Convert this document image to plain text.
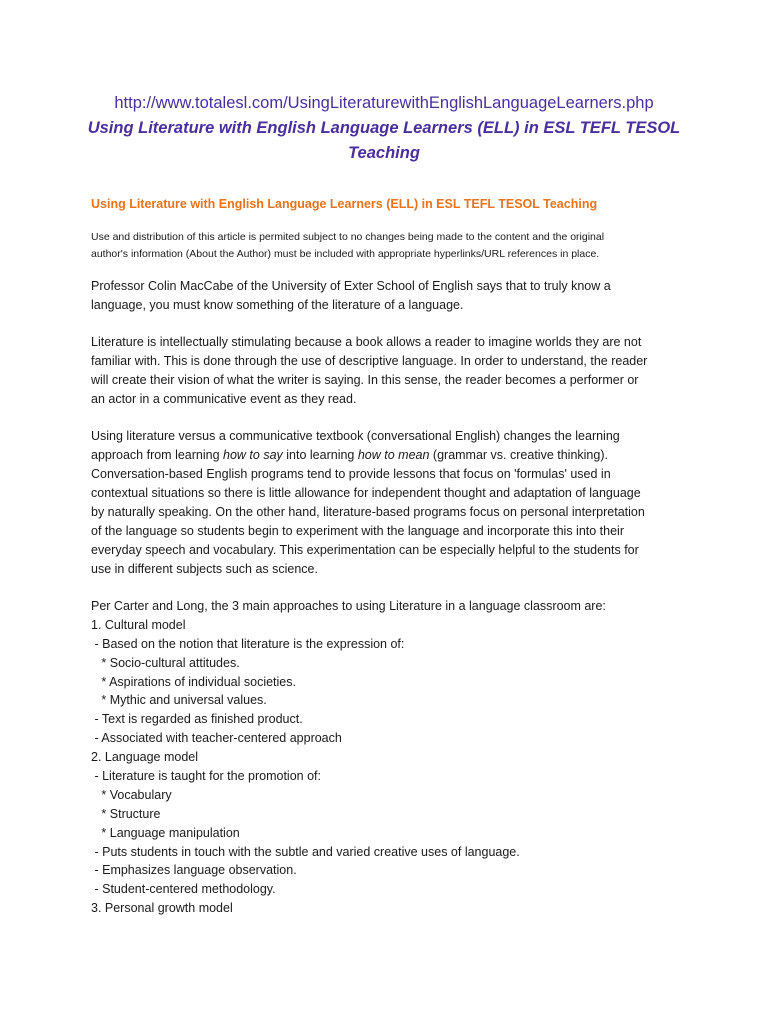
http://www.totalesl.com/UsingLiteraturewithEnglishLanguageLearners.php
Using Literature with English Language Learners (ELL) in ESL TEFL TESOL Teaching
Using Literature with English Language Learners (ELL) in ESL TEFL TESOL Teaching
Use and distribution of this article is permited subject to no changes being made to the content and the original
author's information (About the Author) must be included with appropriate hyperlinks/URL references in place.
Professor Colin MacCabe of the University of Exter School of English says that to truly know a
language, you must know something of the literature of a language.
Literature is intellectually stimulating because a book allows a reader to imagine worlds they are not
familiar with. This is done through the use of descriptive language. In order to understand, the reader
will create their vision of what the writer is saying. In this sense, the reader becomes a performer or
an actor in a communicative event as they read.
Using literature versus a communicative textbook (conversational English) changes the learning
approach from learning how to say into learning how to mean (grammar vs. creative thinking).
Conversation-based English programs tend to provide lessons that focus on 'formulas' used in
contextual situations so there is little allowance for independent thought and adaptation of language
by naturally speaking. On the other hand, literature-based programs focus on personal interpretation
of the language so students begin to experiment with the language and incorporate this into their
everyday speech and vocabulary. This experimentation can be especially helpful to the students for
use in different subjects such as science.
Per Carter and Long, the 3 main approaches to using Literature in a language classroom are:
1. Cultural model
- Based on the notion that literature is the expression of:
* Socio-cultural attitudes.
* Aspirations of individual societies.
* Mythic and universal values.
- Text is regarded as finished product.
- Associated with teacher-centered approach
2. Language model
- Literature is taught for the promotion of:
* Vocabulary
* Structure
* Language manipulation
- Puts students in touch with the subtle and varied creative uses of language.
- Emphasizes language observation.
- Student-centered methodology.
3. Personal growth model
